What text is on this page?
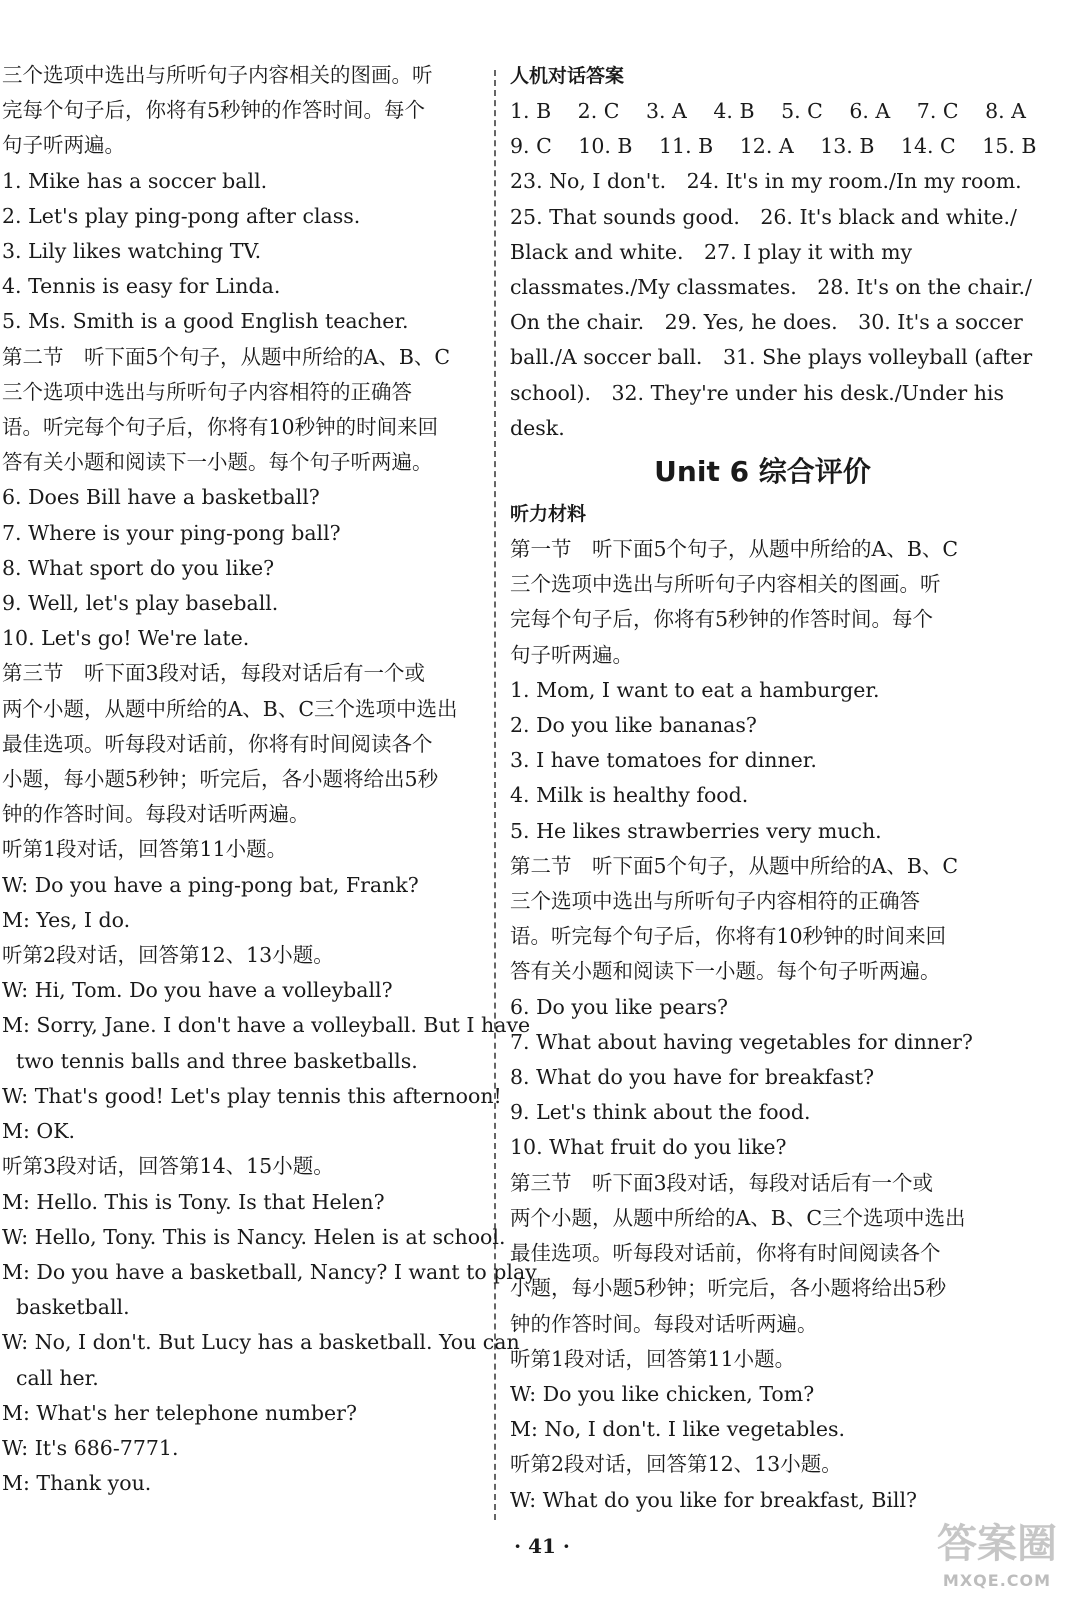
三个选项中选出与所听句子内容相关的图画。听
完每个句子后，你将有5秒钟的作答时间。每个
句子听两遍。
1. Mike has a soccer ball.
2. Let's play ping-pong after class.
3. Lily likes watching TV.
4. Tennis is easy for Linda.
5. Ms. Smith is a good English teacher.
第二节　听下面5个句子，从题中所给的A、B、C
三个选项中选出与所听句子内容相符的正确答
语。听完每个句子后，你将有10秒钟的时间来回
答有关小题和阅读下一小题。每个句子听两遍。
6. Does Bill have a basketball?
7. Where is your ping-pong ball?
8. What sport do you like?
9. Well, let's play baseball.
10. Let's go! We're late.
第三节　听下面3段对话，每段对话后有一个或
两个小题，从题中所给的A、B、C三个选项中选出
最佳选项。听每段对话前，你将有时间阅读各个
小题，每小题5秒钟；听完后，各小题将给出5秒
钟的作答时间。每段对话听两遍。
听第1段对话，回答第11小题。
W: Do you have a ping-pong bat, Frank?
M: Yes, I do.
听第2段对话，回答第12、13小题。
W: Hi, Tom. Do you have a volleyball?
M: Sorry, Jane. I don't have a volleyball. But I have
two tennis balls and three basketballs.
W: That's good! Let's play tennis this afternoon!
M: OK.
听第3段对话，回答第14、15小题。
M: Hello. This is Tony. Is that Helen?
W: Hello, Tony. This is Nancy. Helen is at school.
M: Do you have a basketball, Nancy? I want to play
basketball.
W: No, I don't. But Lucy has a basketball. You can
call her.
M: What's her telephone number?
W: It's 686-7771.
M: Thank you.
人机对话答案
1. B 2. C 3. A 4. B 5. C 6. A 7. C 8. A
9. C 10. B 11. B 12. A 13. B 14. C 15. B
23. No, I don't.　24. It's in my room./In my room.
25. That sounds good.　26. It's black and white./
Black and white.　27. I play it with my
classmates./My classmates.　28. It's on the chair./
On the chair.　29. Yes, he does.　30. It's a soccer
ball./A soccer ball.　31. She plays volleyball (after
school).　32. They're under his desk./Under his
desk.
Unit 6 综合评价
听力材料
第一节　听下面5个句子，从题中所给的A、B、C
三个选项中选出与所听句子内容相关的图画。听
完每个句子后，你将有5秒钟的作答时间。每个
句子听两遍。
1. Mom, I want to eat a hamburger.
2. Do you like bananas?
3. I have tomatoes for dinner.
4. Milk is healthy food.
5. He likes strawberries very much.
第二节　听下面5个句子，从题中所给的A、B、C
三个选项中选出与所听句子内容相符的正确答
语。听完每个句子后，你将有10秒钟的时间来回
答有关小题和阅读下一小题。每个句子听两遍。
6. Do you like pears?
7. What about having vegetables for dinner?
8. What do you have for breakfast?
9. Let's think about the food.
10. What fruit do you like?
第三节　听下面3段对话，每段对话后有一个或
两个小题，从题中所给的A、B、C三个选项中选出
最佳选项。听每段对话前，你将有时间阅读各个
小题，每小题5秒钟；听完后，各小题将给出5秒
钟的作答时间。每段对话听两遍。
听第1段对话，回答第11小题。
W: Do you like chicken, Tom?
M: No, I don't. I like vegetables.
听第2段对话，回答第12、13小题。
W: What do you like for breakfast, Bill?
· 41 ·	答案圈
MXQE.COM
